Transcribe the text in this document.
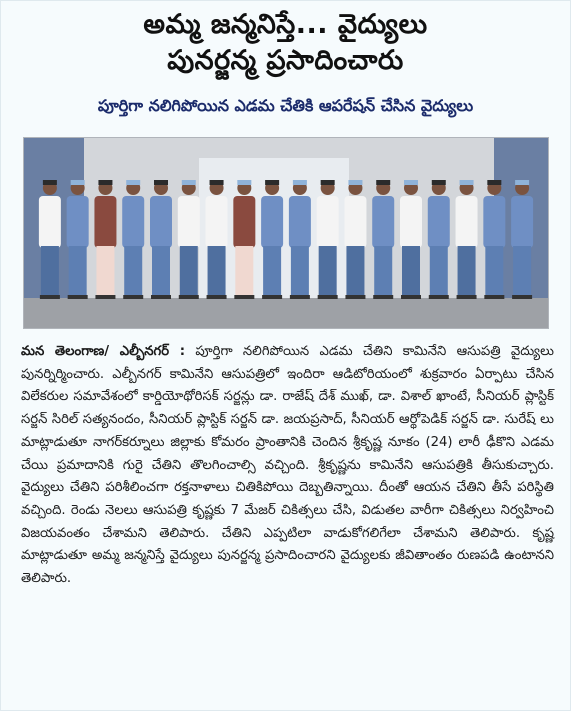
అమ్మ జన్మనిస్తే... వైద్యులు
పునర్జన్మ ప్రసాదించారు
పూర్తిగా నలిగిపోయిన ఎడమ చేతికి ఆపరేషన్ చేసిన వైద్యులు

మన తెలంగాణ/ ఎల్బీనగర్ : పూర్తిగా నలిగిపోయిన ఎడమ చేతిని కామినేని ఆసుపత్రి వైద్యులు పునర్నిర్మించారు. ఎల్బీనగర్ కామినేని ఆసుపత్రిలో ఇందిరా ఆడిటోరియంలో శుక్రవారం ఏర్పాటు చేసిన విలేకరుల సమావేశంలో కార్డియోథోరిసక్ సర్జన్లు డా. రాజేష్ దేశ్ ముఖ్, డా. విశాల్ ఖాంటే, సీనియర్ ప్లాస్టిక్ సర్జన్ సిరిల్ సత్యనందం, సీనియర్ ప్లాస్టిక్ సర్జన్ డా. జయప్రసాద్, సీనియర్ ఆర్థోపెడిక్ సర్జన్ డా. సురేష్ లు మాట్లాడుతూ నాగర్‌కర్నూలు జిల్లాకు కోమరం ప్రాంతానికి చెందిన శ్రీకృష్ణ నూకం (24) లారీ ఢీకొని ఎడమ చేయి ప్రమాదానికి గురై చేతిని తొలగించాల్సి వచ్చింది. శ్రీకృష్ణను కామినేని ఆసుపత్రికి తీసుకుచ్చారు. వైద్యులు చేతిని పరిశీలించగా రక్తనాళాలు చితికిపోయి దెబ్బతిన్నాయి. దీంతో ఆయన చేతిని తీసే పరిస్థితి వచ్చింది. రెండు నెలలు ఆసుపత్రి కృష్ణకు 7 మేజర్ చికిత్సలు చేసి, విడుతల వారీగా చికిత్సలు నిర్వహించి విజయవంతం చేశామని తెలిపారు. చేతిని ఎప్పటిలా వాడుకోగలిగేలా చేశామని తెలిపారు. కృష్ణ మాట్లాడుతూ అమ్మ జన్మనిస్తే వైద్యులు పునర్జన్మ ప్రసాదించారని వైద్యులకు జీవితాంతం రుణపడి ఉంటానని తెలిపారు.
